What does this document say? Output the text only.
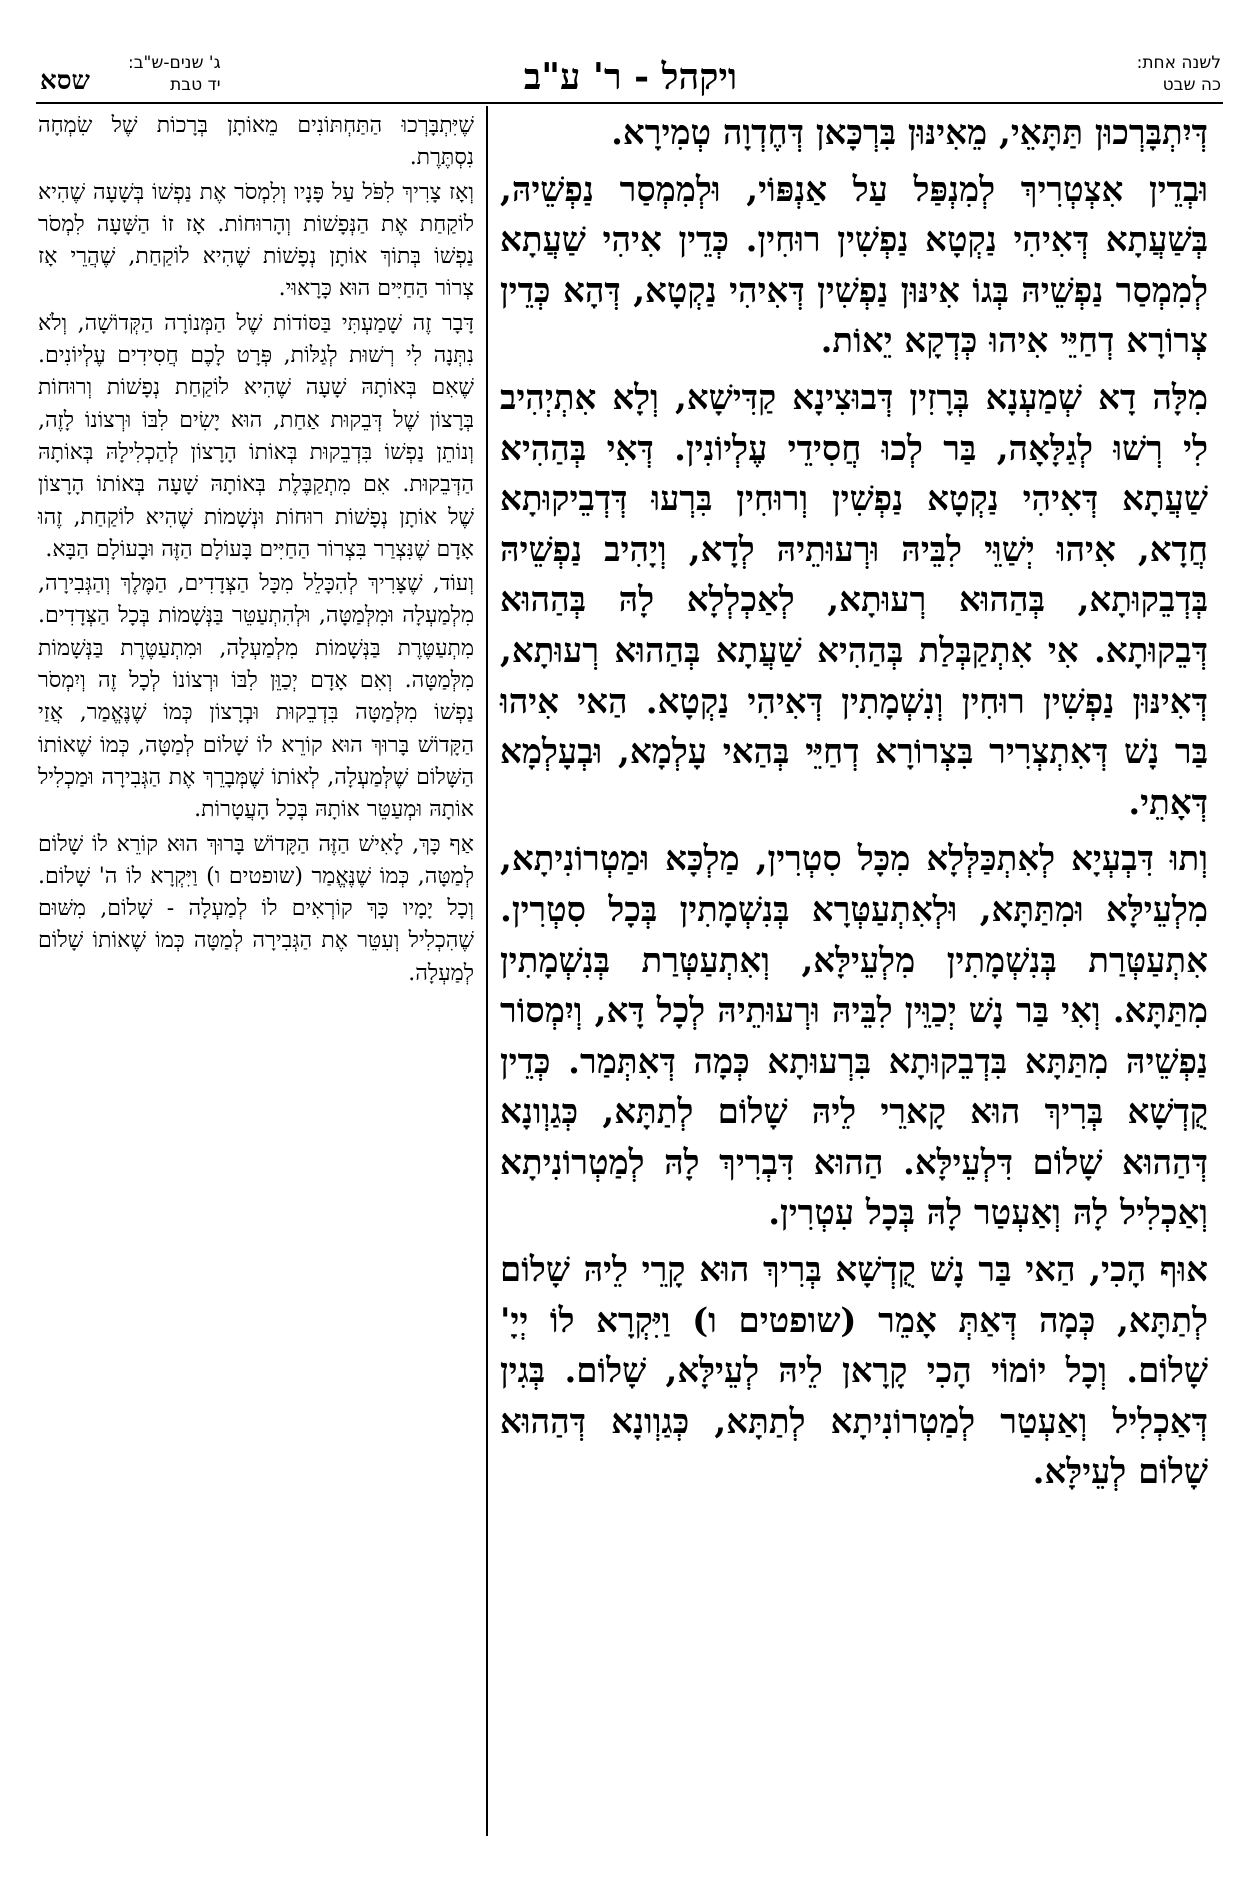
לשנה אחת:
כה שבט
ויקהל - ר' ע"ב
ג' שנים-ש"ב:
יד טבת
שסא

דְּיִתְבָּרְכוּן תַּתָּאֵי, מֵאִינּוּן בִּרְכָּאן דְּחֶדְוָה טְמִירָא.

וּבְדֵין אִצְטְרִיךְ לְמִנְפַּל עַל אַנְפּוֹי, וּלְמִמְסַר נַפְשֵׁיהּ, בְּשַׁעֲתָא דְּאִיהִי נַקְטָא נַפְשִׁין רוּחִין. כְּדֵין אִיהִי שַׁעֲתָא לְמִמְסַר נַפְשֵׁיהּ בְּגוֹ אִינּוּן נַפְשִׁין דְּאִיהִי נַקְטָא, דְּהָא כְּדֵין צְרוֹרָא דְחַיֵּי אִיהוּ כְּדְקָא יֵאוֹת.

מִלָּה דָא שְׁמַעְנָא בְּרָזִין דְּבוּצִינָא קַדִּישָׁא, וְלָא אִתְיְהִיב לִי רְשׁוּ לְגַלָּאָה, בַּר לְכוּ חֲסִידֵי עֶלְיוֹנִין. דְּאִי בְּהַהִיא שַׁעֲתָא דְּאִיהִי נַקְטָא נַפְשִׁין וְרוּחִין בִּרְעוּ דְּדְבֵיקוּתָא חֲדָא, אִיהוּ יְשַׁוֵּי לִבֵּיהּ וּרְעוּתֵיהּ לְדָא, וְיָהִיב נַפְשֵׁיהּ בְּדְבֵקוּתָא, בְּהַהוּא רְעוּתָא, לְאַכְלְלָא לָהּ בְּהַהוּא דְּבֵקוּתָא. אִי אִתְקַבְּלַת בְּהַהִיא שַׁעֲתָא בְּהַהוּא רְעוּתָא, דְּאִינּוּן נַפְשִׁין רוּחִין וְנִשְׁמָתִין דְּאִיהִי נַקְטָא. הַאי אִיהוּ בַּר נָשׁ דְּאִתְצְרִיר בִּצְרוֹרָא דְחַיֵּי בְּהַאי עָלְמָא, וּבְעָלְמָא דְּאָתֵי.

וְתוּ דִּבְעְיָא לְאִתְכַּלְּלָא מִכָּל סִטְרִין, מַלְכָּא וּמַטְרוֹנִיתָא, מִלְעֵילָּא וּמִתַּתָּא, וּלְאִתְעַטְּרָא בְּנִשְׁמָתִין בְּכָל סִטְרִין. אִתְעַטְּרַת בְּנִשְׁמָתִין מִלְעֵילָּא, וְאִתְעַטְּרַת בְּנִשְׁמָתִין מִתַּתָּא. וְאִי בַּר נָשׁ יְכַוֵּין לִבֵּיהּ וּרְעוּתֵיהּ לְכָל דָּא, וְיִמְסוֹר נַפְשֵׁיהּ מִתַּתָּא בִּדְבֵקוּתָא בִּרְעוּתָא כְּמָה דְּאִתְּמַר. כְּדֵין קֻדְשָׁא בְּרִיךְ הוּא קָארֵי לֵיהּ שָׁלוֹם לְתַתָּא, כְּגַוְונָא דְּהַהוּא שָׁלוֹם דִּלְעֵילָּא. הַהוּא דִּבְרִיךְ לָהּ לְמַטְרוֹנִיתָא וְאַכְלִיל לָהּ וְאַעְטַר לָהּ בְּכָל עִטְרִין.

אוּף הָכִי, הַאי בַּר נָשׁ קֻדְשָׁא בְּרִיךְ הוּא קָרֵי לֵיהּ שָׁלוֹם לְתַתָּא, כְּמָה דְּאַתְּ אָמֵר (שופטים ו) וַיִּקְרָא לוֹ יְיָ' שָׁלוֹם. וְכָל יוֹמוֹי הָכִי קָרָאן לֵיהּ לְעֵילָּא, שָׁלוֹם. בְּגִין דְּאַכְלִיל וְאַעְטַר לְמַטְרוֹנִיתָא לְתַתָּא, כְּגַוְונָא דְּהַהוּא שָׁלוֹם לְעֵילָּא.

שֶׁיִּתְבָּרְכוּ הַתַּחְתּוֹנִים מֵאוֹתָן בְּרָכוֹת שֶׁל שִׂמְחָה נִסְתֶּרֶת.

וְאָז צָרִיךְ לִפֹּל עַל פָּנָיו וְלִמְסֹר אֶת נַפְשׁוֹ בְּשָׁעָה שֶׁהִיא לוֹקַחַת אֶת הַנְּפָשׁוֹת וְהָרוּחוֹת. אָז זוֹ הַשָּׁעָה לִמְסֹר נַפְשׁוֹ בְּתוֹךְ אוֹתָן נְפָשׁוֹת שֶׁהִיא לוֹקַחַת, שֶׁהֲרֵי אָז צְרוֹר הַחַיִּים הוּא כָּרָאוּי.

דָּבָר זֶה שָׁמַעְתִּי בַּסּוֹדוֹת שֶׁל הַמְּנוֹרָה הַקְּדוֹשָׁה, וְלֹא נִתְּנָה לִי רְשׁוּת לְגַלּוֹת, פְּרָט לָכֶם חֲסִידִים עֶלְיוֹנִים. שֶׁאִם בְּאוֹתָהּ שָׁעָה שֶׁהִיא לוֹקַחַת נְפָשׁוֹת וְרוּחוֹת בְּרָצוֹן שֶׁל דְּבֵקוּת אַחַת, הוּא יָשִׂים לִבּוֹ וּרְצוֹנוֹ לָזֶה, וְנוֹתֵן נַפְשׁוֹ בִּדְבֵקוּת בְּאוֹתוֹ הָרָצוֹן לְהַכְלִילָהּ בְּאוֹתָהּ הַדְּבֵקוּת. אִם מִתְקַבֶּלֶת בְּאוֹתָהּ שָׁעָה בְּאוֹתוֹ הָרָצוֹן שֶׁל אוֹתָן נְפָשׁוֹת רוּחוֹת וּנְשָׁמוֹת שֶׁהִיא לוֹקַחַת, זֶהוּ אָדָם שֶׁנִּצְרַר בִּצְרוֹר הַחַיִּים בָּעוֹלָם הַזֶּה וּבָעוֹלָם הַבָּא.

וְעוֹד, שֶׁצָּרִיךְ לְהִכָּלֵל מִכָּל הַצְּדָדִים, הַמֶּלֶךְ וְהַגְּבִירָה, מִלְמַעְלָה וּמִלְּמַטָּה, וּלְהִתְעַטֵּר בַּנְּשָׁמוֹת בְּכָל הַצְּדָדִים. מִתְעַטֶּרֶת בַּנְּשָׁמוֹת מִלְמַעְלָה, וּמִתְעַטֶּרֶת בַּנְּשָׁמוֹת מִלְּמַטָּה. וְאִם אָדָם יְכַוֵּן לִבּוֹ וּרְצוֹנוֹ לְכָל זֶה וְיִמְסֹר נַפְשׁוֹ מִלְּמַטָּה בִּדְבֵקוּת וּבְרָצוֹן כְּמוֹ שֶׁנֶּאֱמַר, אֲזַי הַקָּדוֹשׁ בָּרוּךְ הוּא קוֹרֵא לוֹ שָׁלוֹם לְמַטָּה, כְּמוֹ שֶׁאוֹתוֹ הַשָּׁלוֹם שֶׁלְּמַעְלָה, לְאוֹתוֹ שֶׁמְּבָרֵךְ אֶת הַגְּבִירָה וּמַכְלִיל אוֹתָהּ וּמְעַטֵּר אוֹתָהּ בְּכָל הָעֲטָרוֹת.

אַף כָּךְ, לָאִישׁ הַזֶּה הַקָּדוֹשׁ בָּרוּךְ הוּא קוֹרֵא לוֹ שָׁלוֹם לְמַטָּה, כְּמוֹ שֶׁנֶּאֱמַר (שופטים ו) וַיִּקְרָא לוֹ ה' שָׁלוֹם. וְכָל יָמָיו כָּךְ קוֹרְאִים לוֹ לְמַעְלָה - שָׁלוֹם, מִשּׁוּם שֶׁהִכְלִיל וְעִטֵּר אֶת הַגְּבִירָה לְמַטָּה כְּמוֹ שֶׁאוֹתוֹ שָׁלוֹם לְמַעְלָה.
